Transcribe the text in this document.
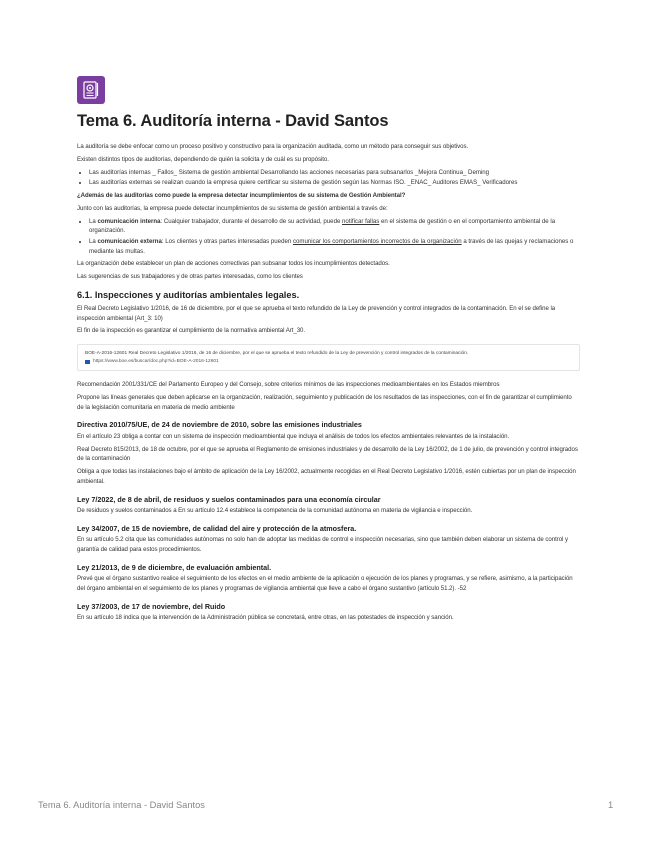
Tema 6. Auditoría interna - David Santos

La auditoría se debe enfocar como un proceso positivo y constructivo para la organización auditada, como un método para conseguir sus objetivos.

Existen distintos tipos de auditorías, dependiendo de quién la solicita y de cuál es su propósito.

• Las auditorías internas _ Fallos_ Sistema de gestión ambiental Desarrollando las acciones necesarias para subsanarlos _Mejora Continua_ Deming
• Las auditorías externas se realizan cuando la empresa quiere certificar su sistema de gestión según las Normas ISO. _ENAC_ Auditores EMAS_ Verificadores

¿Además de las auditorías como puede la empresa detectar incumplimientos de su sistema de Gestión Ambiental?

Junto con las auditorías, la empresa puede detectar incumplimientos de su sistema de gestión ambiental a través de:

• La comunicación interna: Cualquier trabajador, durante el desarrollo de su actividad, puede notificar fallas en el sistema de gestión o en el comportamiento ambiental de la organización.
• La comunicación externa: Los clientes y otras partes interesadas pueden comunicar los comportamientos incorrectos de la organización a través de las quejas y reclamaciones o mediante las multas.

La organización debe establecer un plan de acciones correctivas pan subsanar todos los incumplimientos detectados.

Las sugerencias de sus trabajadores y de otras partes interesadas, como los clientes

6.1. Inspecciones y auditorías ambientales legales.

El Real Decreto Legislativo 1/2016, de 16 de diciembre, por el que se aprueba el texto refundido de la Ley de prevención y control integrados de la contaminación. En el se define la inspección ambiental (Art_3: 10)

El fin de la inspección es garantizar el cumplimiento de la normativa ambiental Art_30.

BOE-A-2016-12601 Real Decreto Legislativo 1/2016, de 16 de diciembre, por el que se aprueba el texto refundido de la Ley de prevención y control integrados de la contaminación.
https://www.boe.es/buscar/doc.php?id=BOE-A-2016-12601

Recomendación 2001/331/CE del Parlamento Europeo y del Consejo, sobre criterios mínimos de las inspecciones medioambientales en los Estados miembros

Propone las líneas generales que deben aplicarse en la organización, realización, seguimiento y publicación de los resultados de las inspecciones, con el fin de garantizar el cumplimiento de la legislación comunitaria en materia de medio ambiente

Directiva 2010/75/UE, de 24 de noviembre de 2010, sobre las emisiones industriales

En el artículo 23 obliga a contar con un sistema de inspección medioambiental que incluya el análisis de todos los efectos ambientales relevantes de la instalación.

Real Decreto 815/2013, de 18 de octubre, por el que se aprueba el Reglamento de emisiones industriales y de desarrollo de la Ley 16/2002, de 1 de julio, de prevención y control integrados de la contaminación

Obliga a que todas las instalaciones bajo el ámbito de aplicación de la Ley 16/2002, actualmente recogidas en el Real Decreto Legislativo 1/2016, estén cubiertas por un plan de inspección ambiental.

Ley 7/2022, de 8 de abril, de residuos y suelos contaminados para una economía circular

De residuos y suelos contaminados a En su artículo 12.4 establece la competencia de la comunidad autónoma en materia de vigilancia e inspección.

Ley 34/2007, de 15 de noviembre, de calidad del aire y protección de la atmosfera.

En su artículo 5.2 cita que las comunidades autónomas no solo han de adoptar las medidas de control e inspección necesarias, sino que también deben elaborar un sistema de control y garantía de calidad para estos procedimientos.

Ley 21/2013, de 9 de diciembre, de evaluación ambiental.

Prevé que el órgano sustantivo realice el seguimiento de los efectos en el medio ambiente de la aplicación o ejecución de los planes y programas, y se refiere, asimismo, a la participación del órgano ambiental en el seguimiento de los planes y programas de vigilancia ambiental que lleve a cabo el órgano sustantivo (artículo 51.2). -52

Ley 37/2003, de 17 de noviembre, del Ruido

En su artículo 18 indica que la intervención de la Administración pública se concretará, entre otras, en las potestades de inspección y sanción.

Tema 6. Auditoría interna - David Santos	1
